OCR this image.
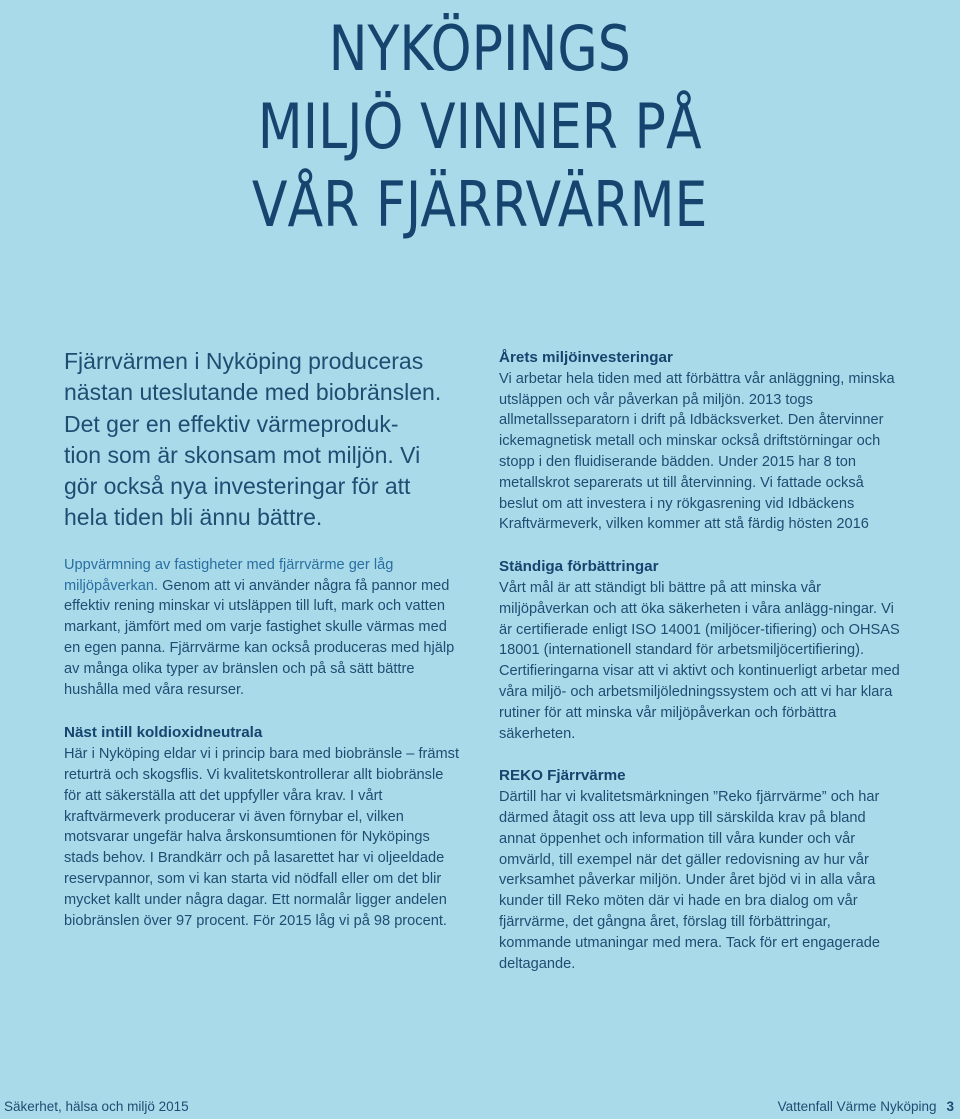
NYKÖPINGS
MILJÖ VINNER PÅ
VÅR FJÄRRVÄRME

Fjärrvärmen i Nyköping produceras
nästan uteslutande med biobränslen.
Det ger en effektiv värmeproduk-
tion som är skonsam mot miljön. Vi
gör också nya investeringar för att
hela tiden bli ännu bättre.

Uppvärmning av fastigheter med fjärrvärme ger låg miljöpåverkan. Genom att vi använder några få pannor med effektiv rening minskar vi utsläppen till luft, mark och vatten markant, jämfört med om varje fastighet skulle värmas med en egen panna. Fjärrvärme kan också produceras med hjälp av många olika typer av bränslen och på så sätt bättre hushålla med våra resurser.

Näst intill koldioxidneutrala

Här i Nyköping eldar vi i princip bara med biobränsle – främst returträ och skogsflis. Vi kvalitetskontrollerar allt biobränsle för att säkerställa att det uppfyller våra krav. I vårt kraftvärmeverk producerar vi även förnybar el, vilken motsvarar ungefär halva årskonsumtionen för Nyköpings stads behov. I Brandkärr och på lasarettet har vi oljeeldade reservpannor, som vi kan starta vid nödfall eller om det blir mycket kallt under några dagar. Ett normalår ligger andelen biobränslen över 97 procent. För 2015 låg vi på 98 procent.

Årets miljöinvesteringar

Vi arbetar hela tiden med att förbättra vår anläggning, minska utsläppen och vår påverkan på miljön. 2013 togs allmetallsseparatorn i drift på Idbäcksverket. Den återvinner ickemagnetisk metall och minskar också driftstörningar och stopp i den fluidiserande bädden. Under 2015 har 8 ton metallskrot separerats ut till återvinning. Vi fattade också beslut om att investera i ny rökgasrening vid Idbäckens Kraftvärmeverk, vilken kommer att stå färdig hösten 2016

Ständiga förbättringar

Vårt mål är att ständigt bli bättre på att minska vår miljöpåverkan och att öka säkerheten i våra anlägg-ningar. Vi är certifierade enligt ISO 14001 (miljöcer-tifiering) och OHSAS 18001 (internationell standard för arbetsmiljöcertifiering). Certifieringarna visar att vi aktivt och kontinuerligt arbetar med våra miljö- och arbetsmiljöledningssystem och att vi har klara rutiner för att minska vår miljöpåverkan och förbättra säkerheten.

REKO Fjärrvärme

Därtill har vi kvalitetsmärkningen ”Reko fjärrvärme” och har därmed åtagit oss att leva upp till särskilda krav på bland annat öppenhet och information till våra kunder och vår omvärld, till exempel när det gäller redovisning av hur vår verksamhet påverkar miljön. Under året bjöd vi in alla våra kunder till Reko möten där vi hade en bra dialog om vår fjärrvärme, det gångna året, förslag till förbättringar, kommande utmaningar med mera. Tack för ert engagerade deltagande.

Säkerhet, hälsa och miljö 2015	Vattenfall Värme Nyköping 3
